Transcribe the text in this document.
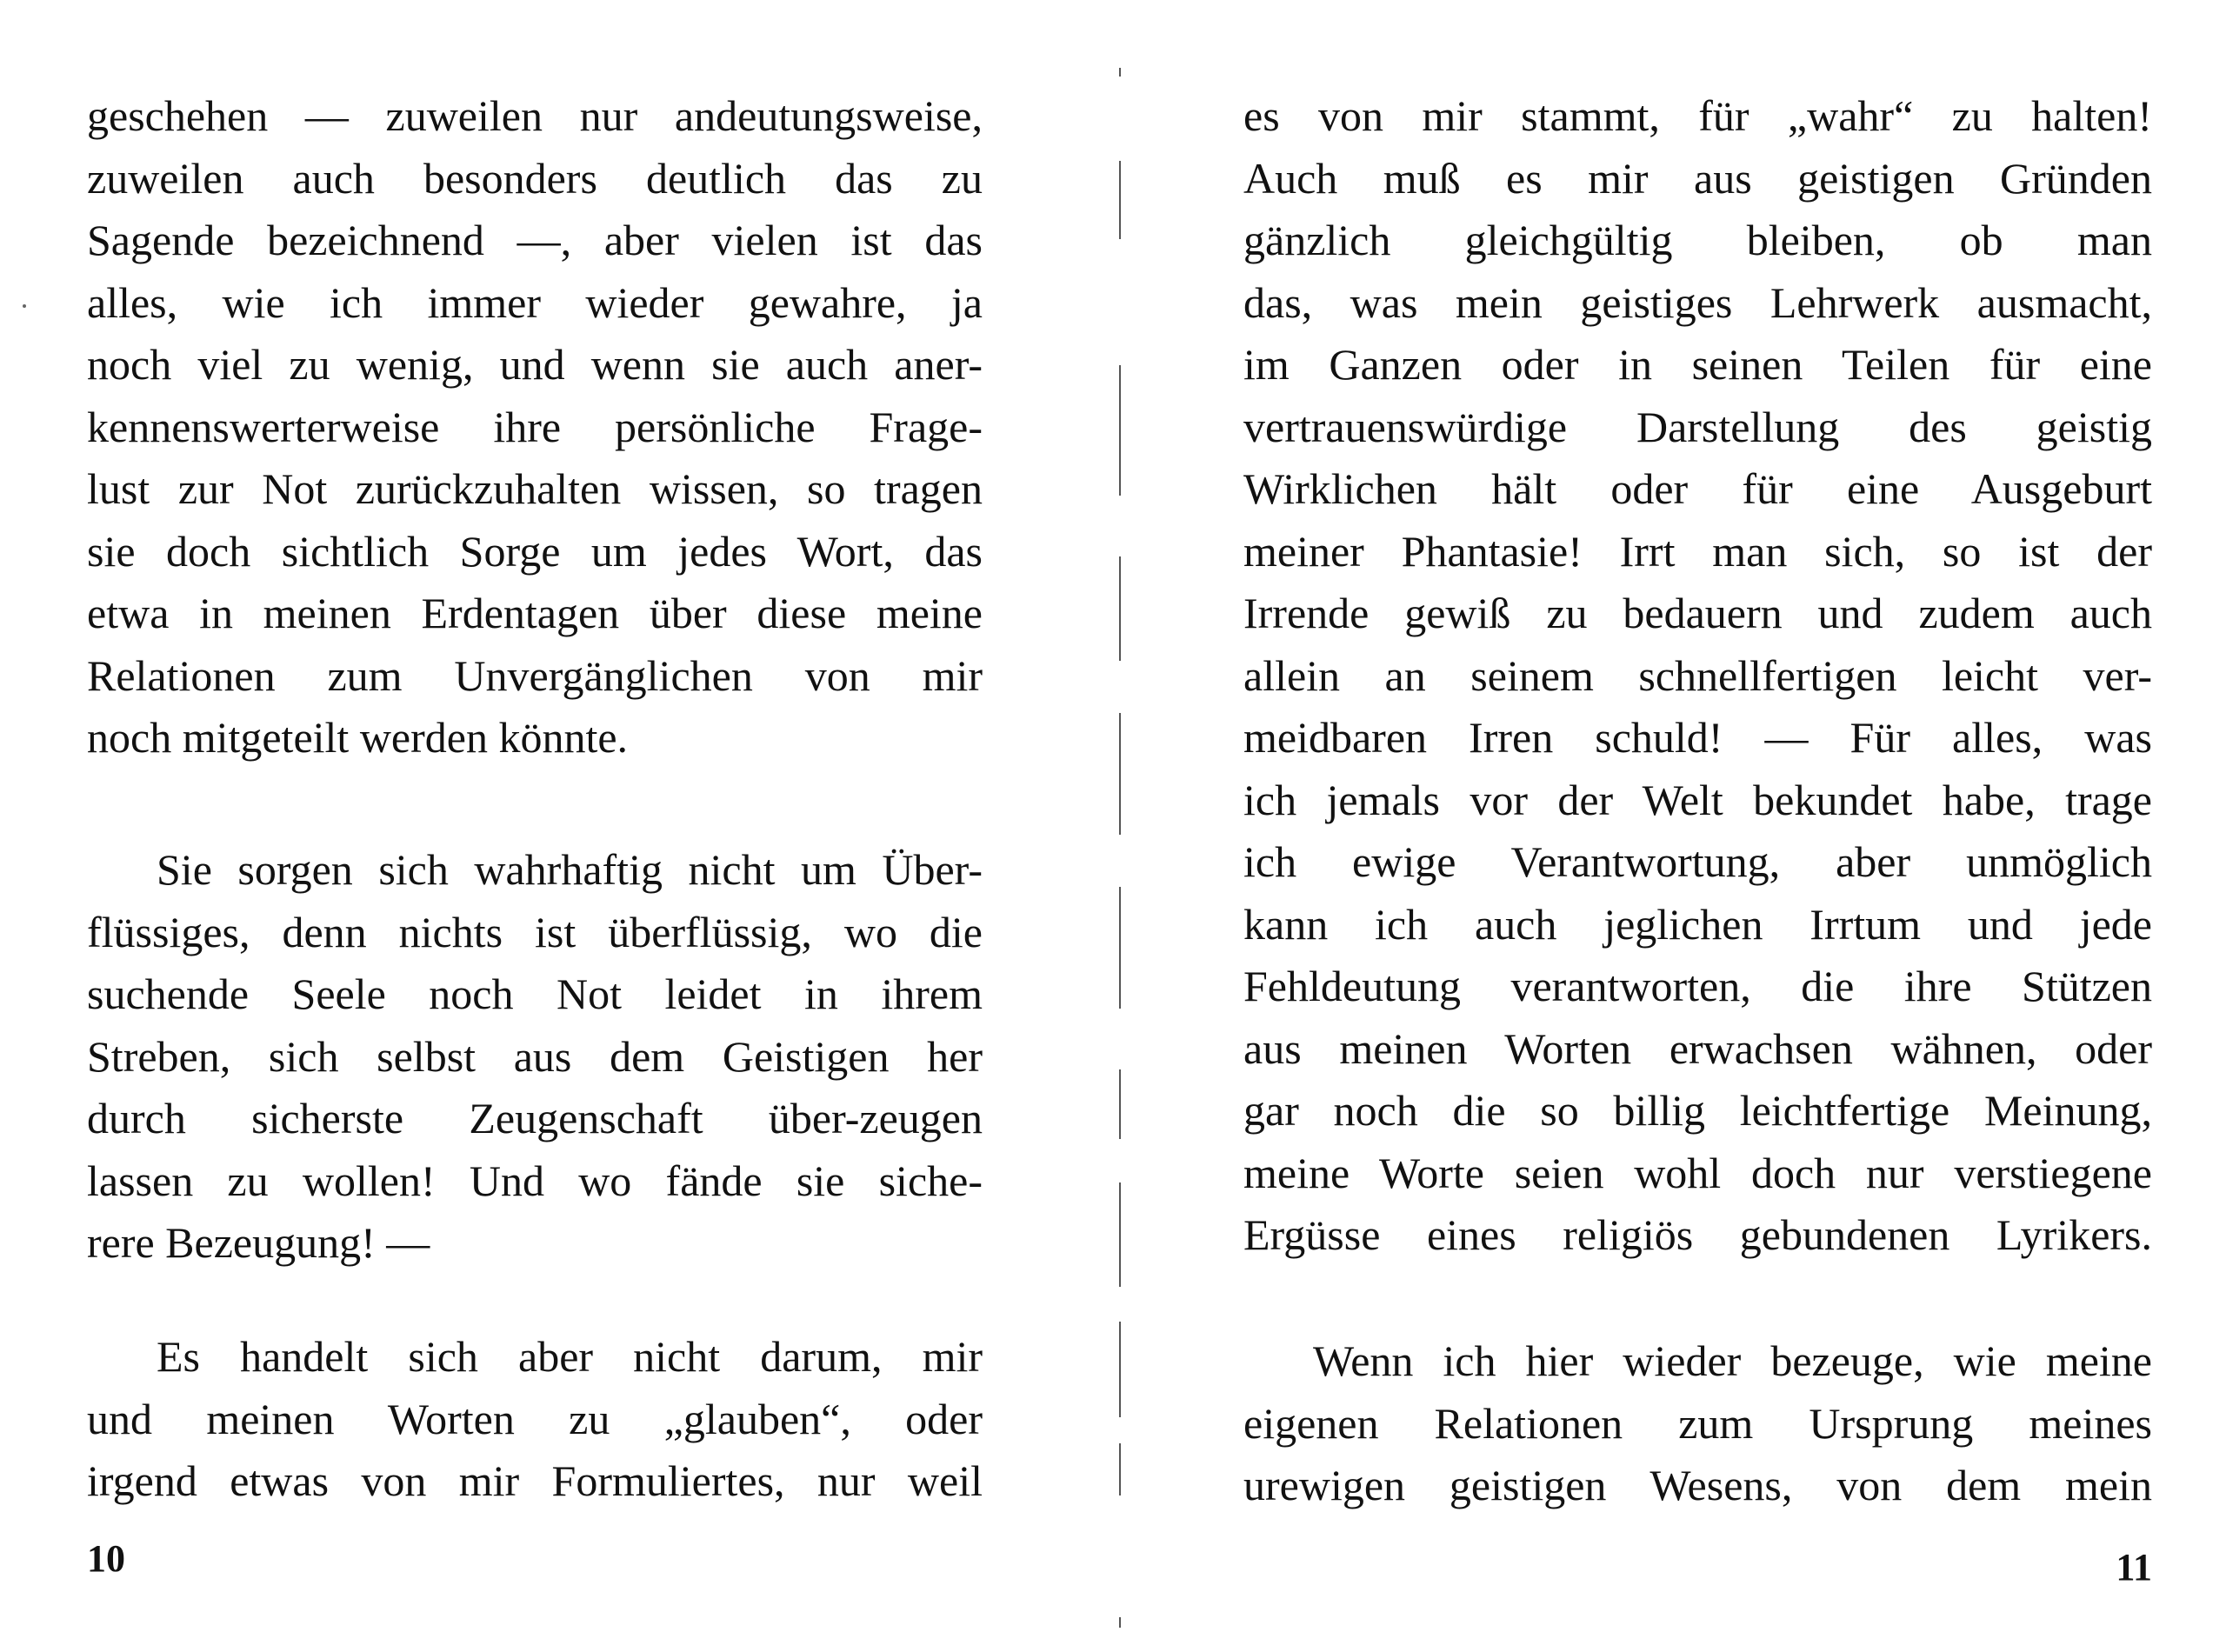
geschehen — zuweilen nur andeutungsweise,
zuweilen auch besonders deutlich das zu
Sagende bezeichnend —, aber vielen ist das
alles, wie ich immer wieder gewahre, ja
noch viel zu wenig, und wenn sie auch aner-
kennenswerterweise ihre persönliche Frage-
lust zur Not zurückzuhalten wissen, so tragen
sie doch sichtlich Sorge um jedes Wort, das
etwa in meinen Erdentagen über diese meine
Relationen zum Unvergänglichen von mir
noch mitgeteilt werden könnte.
Sie sorgen sich wahrhaftig nicht um Über-
flüssiges, denn nichts ist überflüssig, wo die
suchende Seele noch Not leidet in ihrem
Streben, sich selbst aus dem Geistigen her
durch sicherste Zeugenschaft über-zeugen
lassen zu wollen! Und wo fände sie siche-
rere Bezeugung! —
Es handelt sich aber nicht darum, mir
und meinen Worten zu „glauben“, oder
irgend etwas von mir Formuliertes, nur weil
10
es von mir stammt, für „wahr“ zu halten!
Auch muß es mir aus geistigen Gründen
gänzlich gleichgültig bleiben, ob man
das, was mein geistiges Lehrwerk ausmacht,
im Ganzen oder in seinen Teilen für eine
vertrauenswürdige Darstellung des geistig
Wirklichen hält oder für eine Ausgeburt
meiner Phantasie! Irrt man sich, so ist der
Irrende gewiß zu bedauern und zudem auch
allein an seinem schnellfertigen leicht ver-
meidbaren Irren schuld! — Für alles, was
ich jemals vor der Welt bekundet habe, trage
ich ewige Verantwortung, aber unmöglich
kann ich auch jeglichen Irrtum und jede
Fehldeutung verantworten, die ihre Stützen
aus meinen Worten erwachsen wähnen, oder
gar noch die so billig leichtfertige Meinung,
meine Worte seien wohl doch nur verstiegene
Ergüsse eines religiös gebundenen Lyrikers.
Wenn ich hier wieder bezeuge, wie meine
eigenen Relationen zum Ursprung meines
urewigen geistigen Wesens, von dem mein
11
